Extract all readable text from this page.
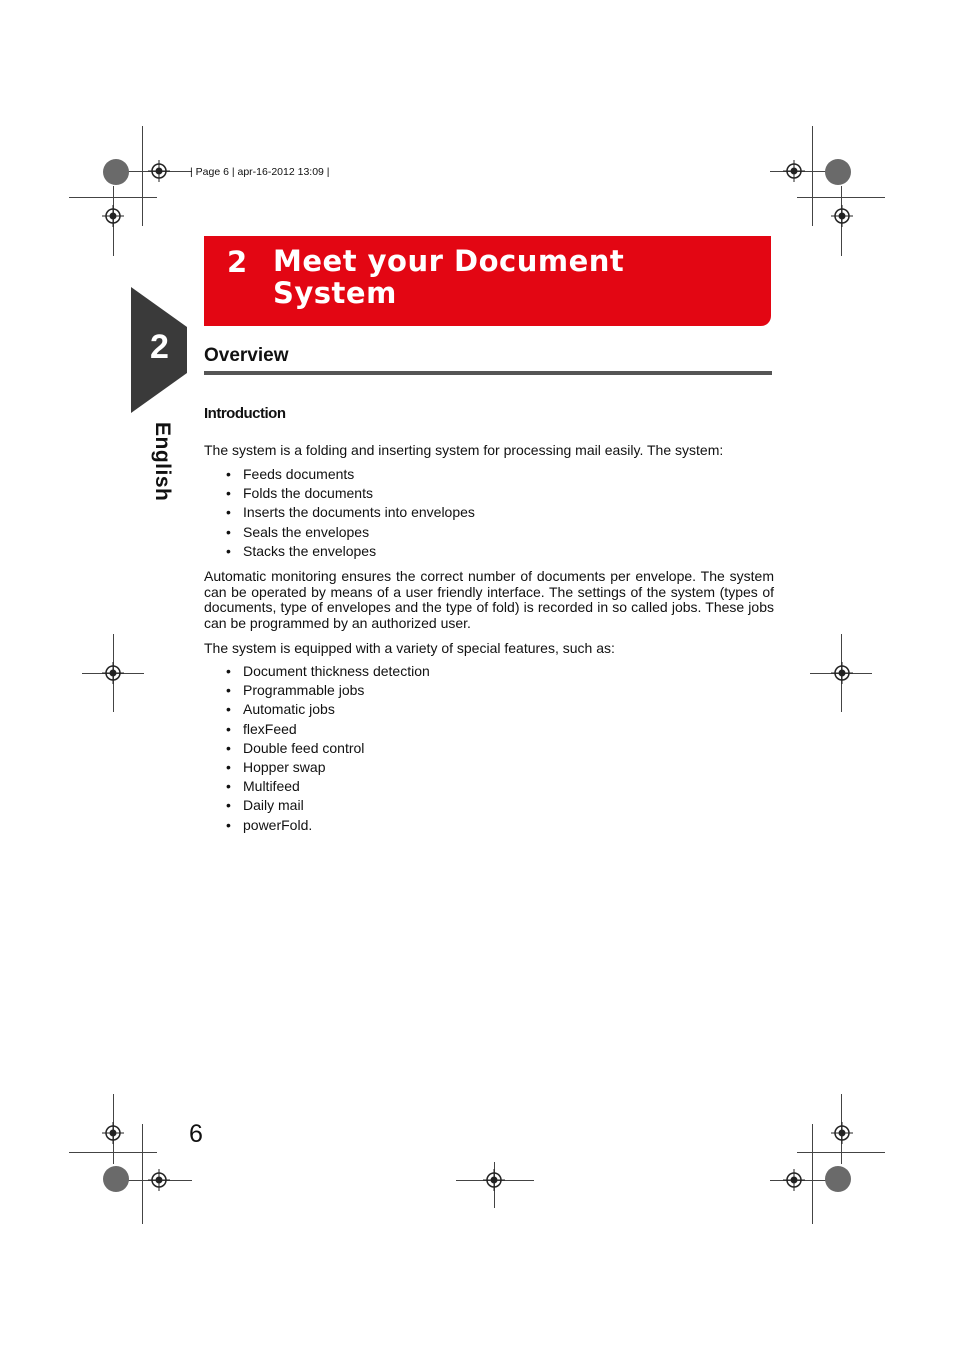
| Page 6 | apr-16-2012 13:09 |
2
English
2 Meet your Document System
Overview
Introduction
The system is a folding and inserting system for processing mail easily. The system:
• Feeds documents
• Folds the documents
• Inserts the documents into envelopes
• Seals the envelopes
• Stacks the envelopes
Automatic monitoring ensures the correct number of documents per envelope. The system can be operated by means of a user friendly interface. The settings of the system (types of documents, type of envelopes and the type of fold) is recorded in so called jobs. These jobs can be programmed by an authorized user.
The system is equipped with a variety of special features, such as:
• Document thickness detection
• Programmable jobs
• Automatic jobs
• flexFeed
• Double feed control
• Hopper swap
• Multifeed
• Daily mail
• powerFold.
6
